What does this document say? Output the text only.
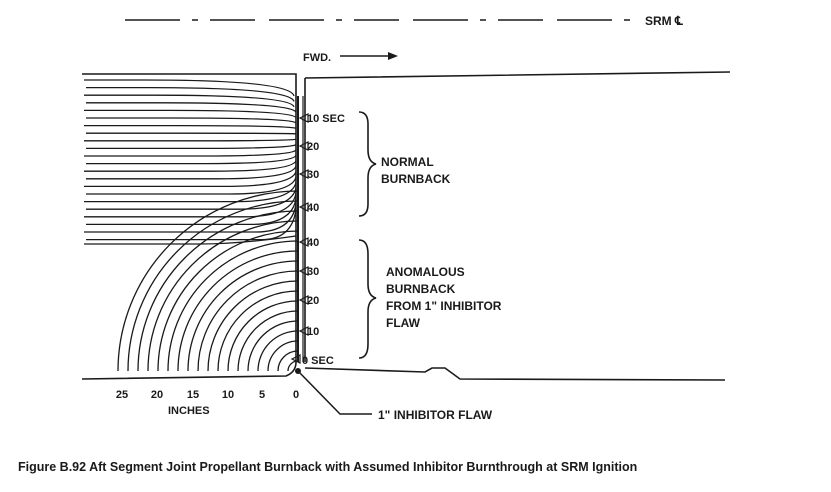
SRM ℄
FWD.
10 SEC
20
30
40
40
30
20
10
0 SEC
NORMAL
BURNBACK
ANOMALOUS
BURNBACK
FROM 1" INHIBITOR
FLAW
25 20 15 10 5	0
INCHES	1" INHIBITOR FLAW
Figure B.92 Aft Segment Joint Propellant Burnback with Assumed Inhibitor Burnthrough at SRM Ignition
